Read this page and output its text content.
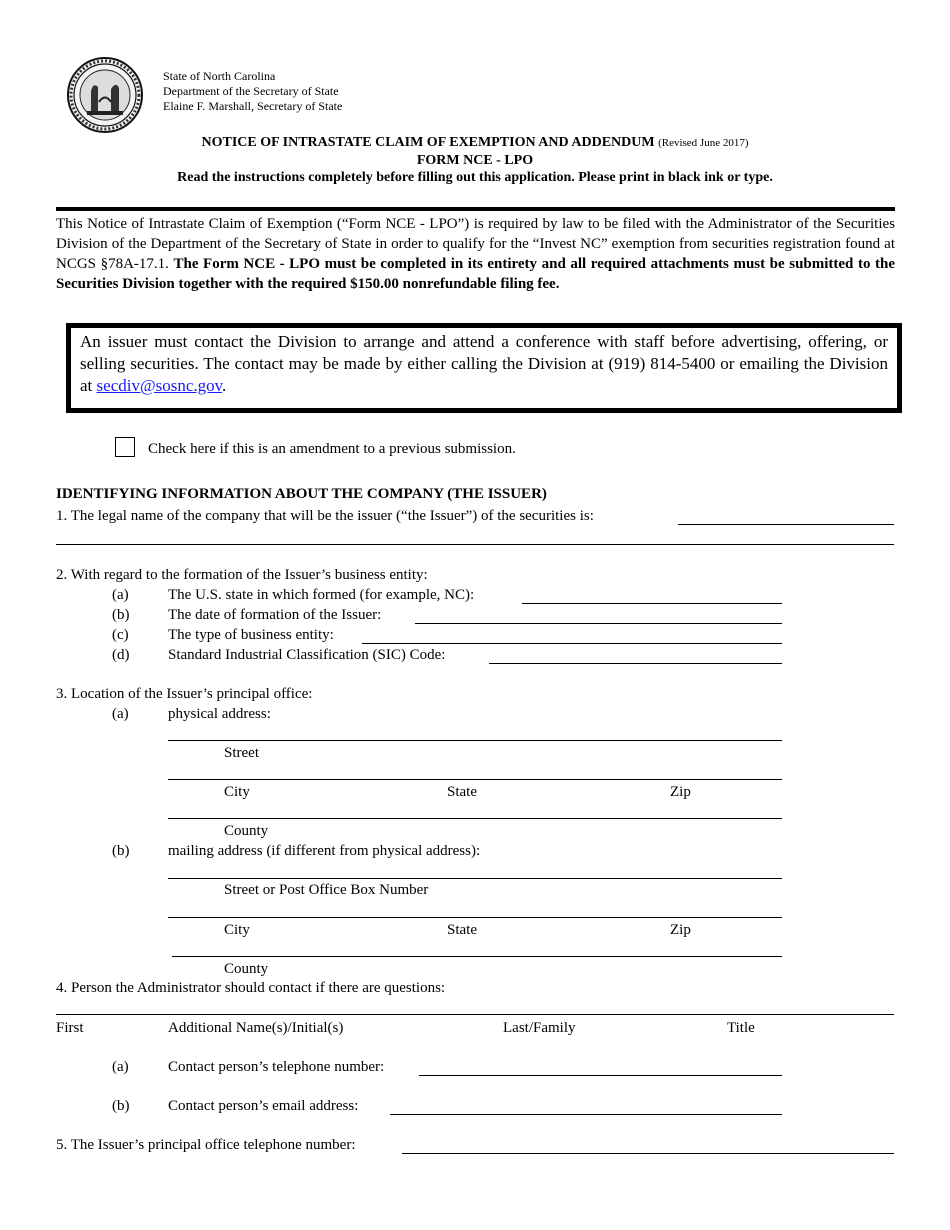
State of North Carolina
Department of the Secretary of State
Elaine F. Marshall, Secretary of State
NOTICE OF INTRASTATE CLAIM OF EXEMPTION AND ADDENDUM (Revised June 2017)
FORM NCE - LPO
Read the instructions completely before filling out this application. Please print in black ink or type.
This Notice of Intrastate Claim of Exemption (“Form NCE - LPO”) is required by law to be filed with the Administrator of the Securities Division of the Department of the Secretary of State in order to qualify for the “Invest NC” exemption from securities registration found at NCGS §78A-17.1. The Form NCE - LPO must be completed in its entirety and all required attachments must be submitted to the Securities Division together with the required $150.00 nonrefundable filing fee.
An issuer must contact the Division to arrange and attend a conference with staff before advertising, offering, or selling securities. The contact may be made by either calling the Division at (919) 814-5400 or emailing the Division at secdiv@sosnc.gov.
Check here if this is an amendment to a previous submission.
IDENTIFYING INFORMATION ABOUT THE COMPANY (THE ISSUER)
1. The legal name of the company that will be the issuer (“the Issuer”) of the securities is:
2. With regard to the formation of the Issuer’s business entity:
(a)	The U.S. state in which formed (for example, NC):
(b)	The date of formation of the Issuer:
(c)	The type of business entity:
(d)	Standard Industrial Classification (SIC) Code:
3. Location of the Issuer’s principal office:
(a)	physical address:
Street
City	State	Zip
County
(b)	mailing address (if different from physical address):
Street or Post Office Box Number
City	State	Zip
County
4. Person the Administrator should contact if there are questions:
First	Additional Name(s)/Initial(s)	Last/Family	Title
(a)	Contact person’s telephone number:
(b)	Contact person’s email address:
5. The Issuer’s principal office telephone number:
